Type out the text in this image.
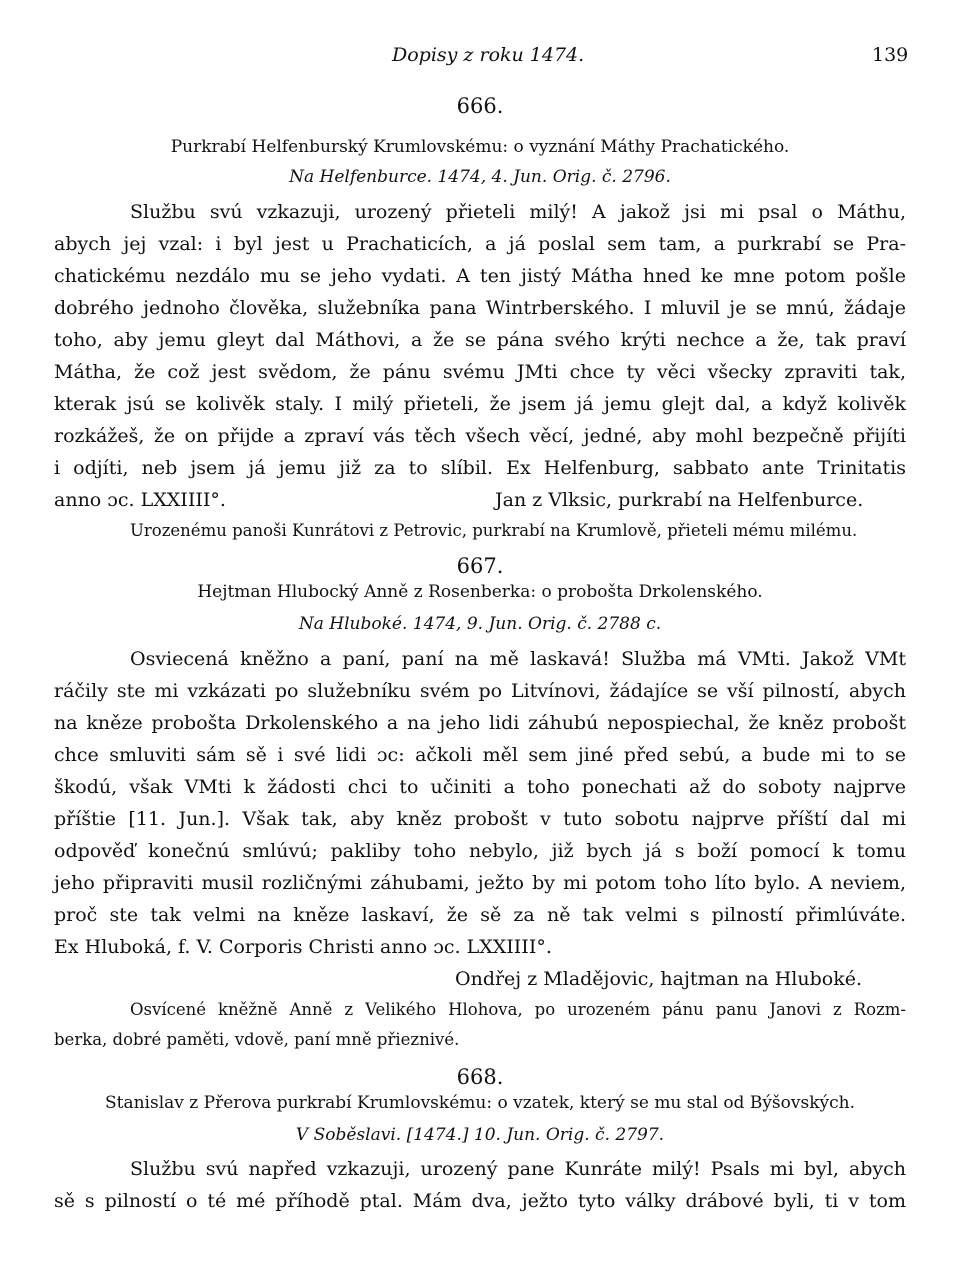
Dopisy z roku 1474.	139
666.
Purkrabí Helfenburský Krumlovskému: o vyznání Máthy Prachatického.
Na Helfenburce. 1474, 4. Jun. Orig. č. 2796.
Službu svú vzkazuji, urozený přieteli milý! A jakož jsi mi psal o Máthu,
abych jej vzal: i byl jest u Prachaticích, a já poslal sem tam, a purkrabí se Pra-
chatickému nezdálo mu se jeho vydati. A ten jistý Mátha hned ke mne potom pošle
dobrého jednoho člověka, služebníka pana Wintrberského. I mluvil je se mnú, žádaje
toho, aby jemu gleyt dal Máthovi, a že se pána svého krýti nechce a že, tak praví
Mátha, že což jest svědom, že pánu svému JMti chce ty věci všecky zpraviti tak,
kterak jsú se kolivěk staly. I milý přieteli, že jsem já jemu glejt dal, a když kolivěk
rozkážeš, že on přijde a zpraví vás těch všech věcí, jedné, aby mohl bezpečně přijíti
i odjíti, neb jsem já jemu již za to slíbil. Ex Helfenburg, sabbato ante Trinitatis
anno ɔc. LXXIIII°.	Jan z Vlksic, purkrabí na Helfenburce.
Urozenému panoši Kunrátovi z Petrovic, purkrabí na Krumlově, přieteli mému milému.
667.
Hejtman Hlubocký Anně z Rosenberka: o probošta Drkolenského.
Na Hluboké. 1474, 9. Jun. Orig. č. 2788 c.
Osviecená kněžno a paní, paní na mě laskavá! Služba má VMti. Jakož VMt
ráčily ste mi vzkázati po služebníku svém po Litvínovi, žádajíce se vší pilností, abych
na kněze probošta Drkolenského a na jeho lidi záhubú nepospiechal, že kněz probošt
chce smluviti sám sě i své lidi ɔc: ačkoli měl sem jiné před sebú, a bude mi to se
škodú, však VMti k žádosti chci to učiniti a toho ponechati až do soboty najprve
příštie [11. Jun.]. Však tak, aby kněz probošt v tuto sobotu najprve příští dal mi
odpověď konečnú smlúvú; pakliby toho nebylo, již bych já s boží pomocí k tomu
jeho připraviti musil rozličnými záhubami, ježto by mi potom toho líto bylo. A neviem,
proč ste tak velmi na kněze laskaví, že sě za ně tak velmi s pilností přimlúváte.
Ex Hluboká, f. V. Corporis Christi anno ɔc. LXXIIII°.
Ondřej z Mladějovic, hajtman na Hluboké.
Osvícené kněžně Anně z Velikého Hlohova, po urozeném pánu panu Janovi z Rozm-
berka, dobré paměti, vdově, paní mně přieznivé.
668.
Stanislav z Přerova purkrabí Krumlovskému: o vzatek, který se mu stal od Býšovských.
V Soběslavi. [1474.] 10. Jun. Orig. č. 2797.
Službu svú napřed vzkazuji, urozený pane Kunráte milý! Psals mi byl, abych
sě s pilností o té mé příhodě ptal. Mám dva, ježto tyto války drábové byli, ti v tom
